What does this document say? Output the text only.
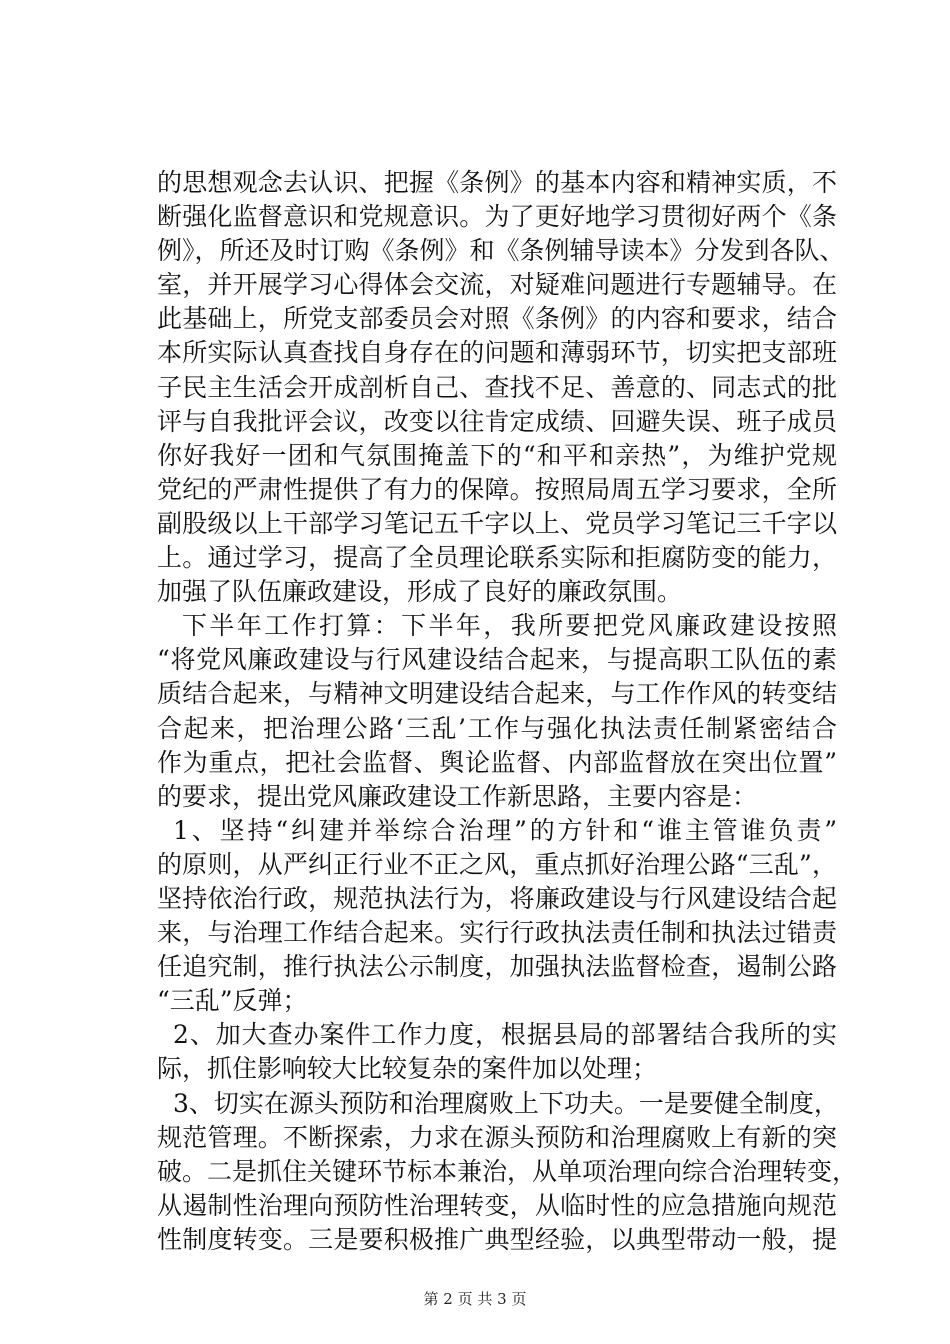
的思想观念去认识、把握《条例》的基本内容和精神实质，不
断强化监督意识和党规意识。为了更好地学习贯彻好两个《条
例》，所还及时订购《条例》和《条例辅导读本》分发到各队、
室，并开展学习心得体会交流，对疑难问题进行专题辅导。在
此基础上，所党支部委员会对照《条例》的内容和要求，结合
本所实际认真查找自身存在的问题和薄弱环节，切实把支部班
子民主生活会开成剖析自己、查找不足、善意的、同志式的批
评与自我批评会议，改变以往肯定成绩、回避失误、班子成员
你好我好一团和气氛围掩盖下的“和平和亲热”，为维护党规
党纪的严肃性提供了有力的保障。按照局周五学习要求，全所
副股级以上干部学习笔记五千字以上、党员学习笔记三千字以
上。通过学习，提高了全员理论联系实际和拒腐防变的能力，
加强了队伍廉政建设，形成了良好的廉政氛围。
下半年工作打算：下半年，我所要把党风廉政建设按照
“将党风廉政建设与行风建设结合起来，与提高职工队伍的素
质结合起来，与精神文明建设结合起来，与工作作风的转变结
合起来，把治理公路‘三乱’工作与强化执法责任制紧密结合
作为重点，把社会监督、舆论监督、内部监督放在突出位置”
的要求，提出党风廉政建设工作新思路，主要内容是：
1、坚持“纠建并举综合治理”的方针和“谁主管谁负责”
的原则，从严纠正行业不正之风，重点抓好治理公路“三乱”，
坚持依治行政，规范执法行为，将廉政建设与行风建设结合起
来，与治理工作结合起来。实行行政执法责任制和执法过错责
任追究制，推行执法公示制度，加强执法监督检查，遏制公路
“三乱”反弹；
2、加大查办案件工作力度，根据县局的部署结合我所的实
际，抓住影响较大比较复杂的案件加以处理；
3、切实在源头预防和治理腐败上下功夫。一是要健全制度，
规范管理。不断探索，力求在源头预防和治理腐败上有新的突
破。二是抓住关键环节标本兼治，从单项治理向综合治理转变，
从遏制性治理向预防性治理转变，从临时性的应急措施向规范
性制度转变。三是要积极推广典型经验，以典型带动一般，提
第 2 页 共 3 页
